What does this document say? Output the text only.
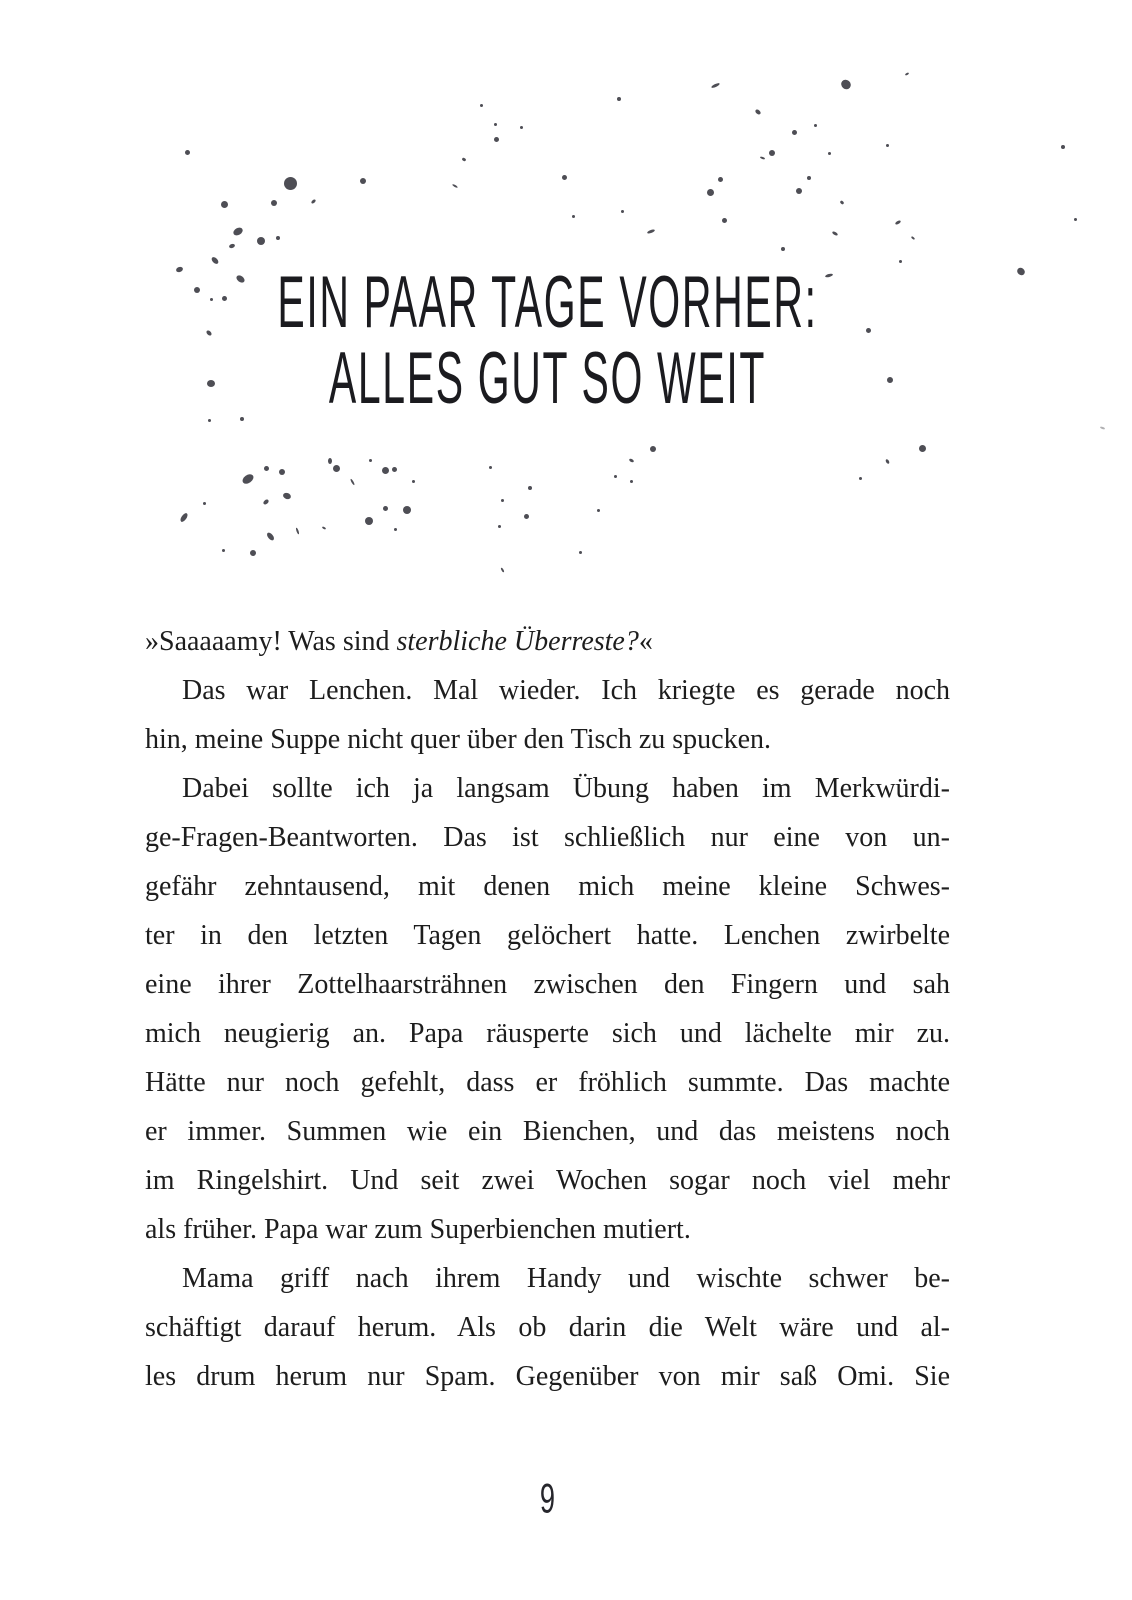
EIN PAAR TAGE VORHER:
ALLES GUT SO WEIT
»Saaaaamy! Was sind sterbliche Überreste?«
Das war Lenchen. Mal wieder. Ich kriegte es gerade noch
hin, meine Suppe nicht quer über den Tisch zu spucken.
Dabei sollte ich ja langsam Übung haben im Merkwürdi-
ge-Fragen-Beantworten. Das ist schließlich nur eine von un-
gefähr zehntausend, mit denen mich meine kleine Schwes-
ter in den letzten Tagen gelöchert hatte. Lenchen zwirbelte
eine ihrer Zottelhaarsträhnen zwischen den Fingern und sah
mich neugierig an. Papa räusperte sich und lächelte mir zu.
Hätte nur noch gefehlt, dass er fröhlich summte. Das machte
er immer. Summen wie ein Bienchen, und das meistens noch
im Ringelshirt. Und seit zwei Wochen sogar noch viel mehr
als früher. Papa war zum Superbienchen mutiert.
Mama griff nach ihrem Handy und wischte schwer be-
schäftigt darauf herum. Als ob darin die Welt wäre und al-
les drum herum nur Spam. Gegenüber von mir saß Omi. Sie
9
